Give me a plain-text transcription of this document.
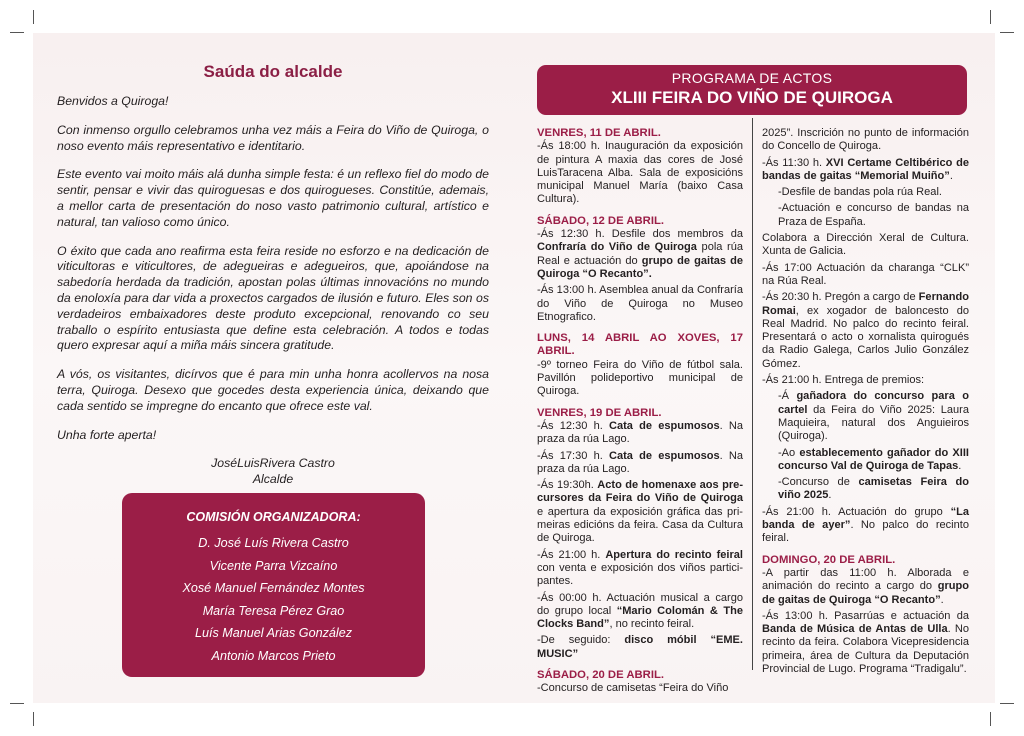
Saúda do alcalde

Benvidos a Quiroga!

Con inmenso orgullo celebramos unha vez máis a Feira do Viño de Quiroga, o noso evento máis representativo e identitario.

Este evento vai moito máis alá dunha simple festa: é un reflexo fiel do modo de sentir, pensar e vivir das quiroguesas e dos quirogueses. Constitúe, ademais, a mellor carta de presentación do noso vasto patrimonio cultural, artístico e natural, tan valioso como único.

O éxito que cada ano reafirma esta feira reside no esforzo e na dedicación de viticultoras e viticultores, de adegueiras e adegueiros, que, apoiándose na sabedoría herdada da tradición, apostan polas últimas innovacións no mundo da enoloxía para dar vida a proxectos cargados de ilusión e futuro. Eles son os verdadeiros embaixadores deste produto excepcional, renovando co seu traballo o espírito entusiasta que define esta celebración. A todos e todas quero expresar aquí a miña máis sincera gratitude.

A vós, os visitantes, dicírvos que é para min unha honra acollervos na nosa terra, Quiroga. Desexo que gocedes desta experiencia única, deixando que cada sentido se impregne do encanto que ofrece este val.

Unha forte aperta!

JoséLuisRivera Castro
Alcalde
COMISIÓN ORGANIZADORA:
D. José Luís Rivera Castro
Vicente Parra Vizcaíno
Xosé Manuel Fernández Montes
María Teresa Pérez Grao
Luís Manuel Arias González
Antonio Marcos Prieto
PROGRAMA DE ACTOS
XLIII FEIRA DO VIÑO DE QUIROGA
VENRES, 11 DE ABRIL.
-Ás 18:00 h. Inauguración da exposición de pintura A maxia das cores de José LuisTaracena Alba. Sala de exposicións municipal Manuel María (baixo Casa Cultura).
SÁBADO, 12 DE ABRIL.
-Ás 12:30 h. Desfile dos membros da Confraría do Viño de Quiroga pola rúa Real e actuación do grupo de gaitas de Quiroga “O Recanto”.
-Ás 13:00 h. Asemblea anual da Confraría do Viño de Quiroga no Museo Etnografico.
LUNS, 14 ABRIL AO XOVES, 17 ABRIL.
-9º torneo Feira do Viño de fútbol sala. Pavillón polideportivo municipal de Quiroga.
VENRES, 19 DE ABRIL.
-Ás 12:30 h. Cata de espumosos. Na praza da rúa Lago.
-Ás 17:30 h. Cata de espumosos. Na praza da rúa Lago.
-Ás 19:30h. Acto de homenaxe aos pre-cursores da Feira do Viño de Quiroga e apertura da exposición gráfica das pri-meiras edicións da feira. Casa da Cultura de Quiroga.
-Ás 21:00 h. Apertura do recinto feiral con venta e exposición dos viños partici-pantes.
-Ás 00:00 h. Actuación musical a cargo do grupo local “Mario Colomán & The Clocks Band”, no recinto feiral.
-De seguido: disco móbil “EME. MUSIC”
SÁBADO, 20 DE ABRIL.
-Concurso de camisetas “Feira do Viño
2025”. Inscrición no punto de información do Concello de Quiroga.
-Ás 11:30 h. XVI Certame Celtibérico de bandas de gaitas “Memorial Muiño”.
-Desfile de bandas pola rúa Real.
-Actuación e concurso de bandas na Praza de España.
Colabora a Dirección Xeral de Cultura. Xunta de Galicia.
-Ás 17:00 Actuación da charanga “CLK” na Rúa Real.
-Ás 20:30 h. Pregón a cargo de Fernando Romai, ex xogador de baloncesto do Real Madrid. No palco do recinto feiral. Presentará o acto o xornalista quirogués da Radio Galega, Carlos Julio González Gómez.
-Ás 21:00 h. Entrega de premios:
-Á gañadora do concurso para o cartel da Feira do Viño 2025: Laura Maquieira, natural dos Anguieiros (Quiroga).
-Ao establecemento gañador do XIII concurso Val de Quiroga de Tapas.
-Concurso de camisetas Feira do viño 2025.
-Ás 21:00 h. Actuación do grupo “La banda de ayer”. No palco do recinto feiral.
DOMINGO, 20 DE ABRIL.
-A partir das 11:00 h. Alborada e animación do recinto a cargo do grupo de gaitas de Quiroga “O Recanto”.
-Ás 13:00 h. Pasarrúas e actuación da Banda de Música de Antas de Ulla. No recinto da feira. Colabora Vicepresidencia primeira, área de Cultura da Deputación Provincial de Lugo. Programa “Tradigalu”.
